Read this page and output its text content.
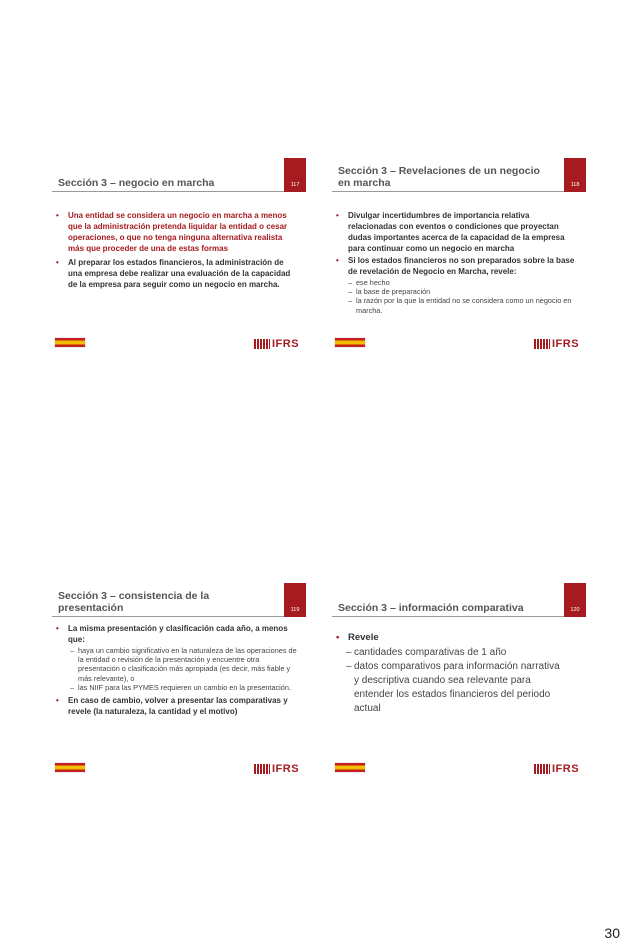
Sección 3 – negocio en marcha	117
•	Una entidad se considera un negocio en marcha a menos que la administración pretenda liquidar la entidad o cesar operaciones, o que no tenga ninguna alternativa realista más que proceder de una de estas formas
•	Al preparar los estados financieros, la administración de una empresa debe realizar una evaluación de la capacidad de la empresa para seguir como un negocio en marcha.
IFRS
Sección 3 – Revelaciones de un negocio en marcha	118
•	Divulgar incertidumbres de importancia relativa relacionadas con eventos o condiciones que proyectan dudas importantes acerca de la capacidad de la empresa para continuar como un negocio en marcha
•	Si los estados financieros no son preparados sobre la base de revelación de Negocio en Marcha, revele:
– ese hecho
– la base de preparación
– la razón por la que la entidad no se considera como un negocio en marcha.
IFRS
Sección 3 – consistencia de la presentación	119
•	La misma presentación y clasificación cada año, a menos que:
– haya un cambio significativo en la naturaleza de las operaciones de la entidad o revisión de la presentación y encuentre otra presentación o clasificación más apropiada (es decir, más fiable y más relevante), o
– las NIIF para las PYMES requieren un cambio en la presentación.
•	En caso de cambio, volver a presentar las comparativas y revele (la naturaleza, la cantidad y el motivo)
IFRS
Sección 3 – información comparativa	120
• Revele
– cantidades comparativas de 1 año
– datos comparativos para información narrativa y descriptiva cuando sea relevante para entender los estados financieros del periodo actual
IFRS
30
